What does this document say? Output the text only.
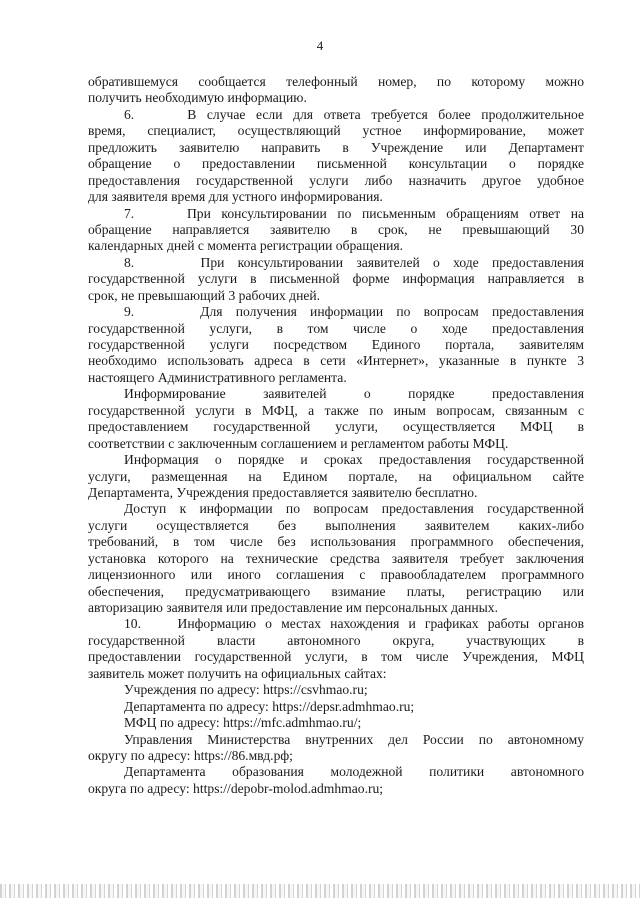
4
обратившемуся сообщается телефонный номер, по которому можно
получить необходимую информацию.
6.     В случае если для ответа требуется более продолжительное
время, специалист, осуществляющий устное информирование, может
предложить заявителю направить в Учреждение или Департамент
обращение о предоставлении письменной консультации о порядке
предоставления государственной услуги либо назначить другое удобное
для заявителя время для устного информирования.
7.     При консультировании по письменным обращениям ответ на
обращение направляется заявителю в срок, не превышающий 30
календарных дней с момента регистрации обращения.
8.     При консультировании заявителей о ходе предоставления
государственной услуги в письменной форме информация направляется в
срок, не превышающий 3 рабочих дней.
9.     Для получения информации по вопросам предоставления
государственной услуги, в том числе о ходе предоставления
государственной услуги посредством Единого портала, заявителям
необходимо использовать адреса в сети «Интернет», указанные в пункте 3
настоящего Административного регламента.
Информирование заявителей о порядке предоставления
государственной услуги в МФЦ, а также по иным вопросам, связанным с
предоставлением государственной услуги, осуществляется МФЦ в
соответствии с заключенным соглашением и регламентом работы МФЦ.
Информация о порядке и сроках предоставления государственной
услуги, размещенная на Едином портале, на официальном сайте
Департамента, Учреждения предоставляется заявителю бесплатно.
Доступ к информации по вопросам предоставления государственной
услуги осуществляется без выполнения заявителем каких-либо
требований, в том числе без использования программного обеспечения,
установка которого на технические средства заявителя требует заключения
лицензионного или иного соглашения с правообладателем программного
обеспечения, предусматривающего взимание платы, регистрацию или
авторизацию заявителя или предоставление им персональных данных.
10.    Информацию о местах нахождения и графиках работы органов
государственной власти автономного округа, участвующих в
предоставлении государственной услуги, в том числе Учреждения, МФЦ
заявитель может получить на официальных сайтах:
Учреждения по адресу: https://csvhmao.ru;
Департамента по адресу: https://depsr.admhmao.ru;
МФЦ по адресу: https://mfc.admhmao.ru/;
Управления Министерства внутренних дел России по автономному
округу по адресу: https://86.мвд.рф;
Департамента образования молодежной политики автономного
округа по адресу: https://depobr-molod.admhmao.ru;
